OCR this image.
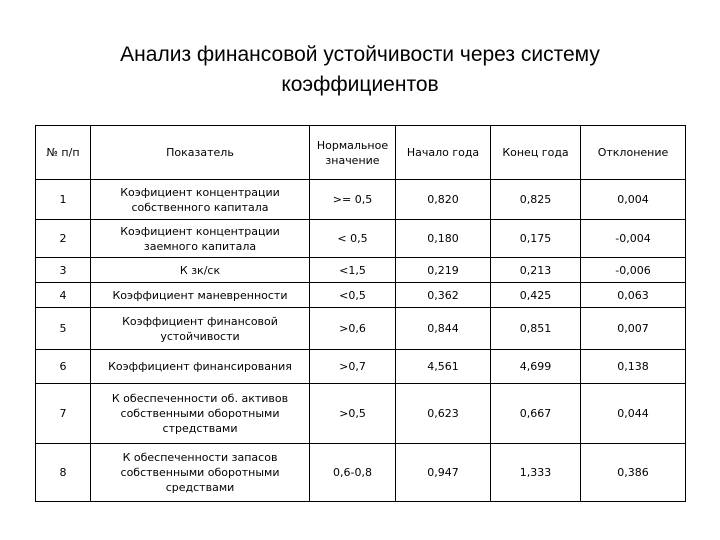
Анализ финансовой устойчивости через систему
коэффициентов
№ п/п	Показатель	Нормальное значение	Начало года	Конец года	Отклонение
1	Коэфициент концентрации собственного капитала	>= 0,5	0,820	0,825	0,004
2	Коэфициент концентрации заемного капитала	< 0,5	0,180	0,175	-0,004
3	К зк/ск	<1,5	0,219	0,213	-0,006
4	Коэффициент маневренности	<0,5	0,362	0,425	0,063
5	Коэффициент финансовой устойчивости	>0,6	0,844	0,851	0,007
6	Коэффициент финансирования	>0,7	4,561	4,699	0,138
7	К обеспеченности об. активов собственными оборотными стредствами	>0,5	0,623	0,667	0,044
8	К обеспеченности запасов собственными оборотными средствами	0,6-0,8	0,947	1,333	0,386
